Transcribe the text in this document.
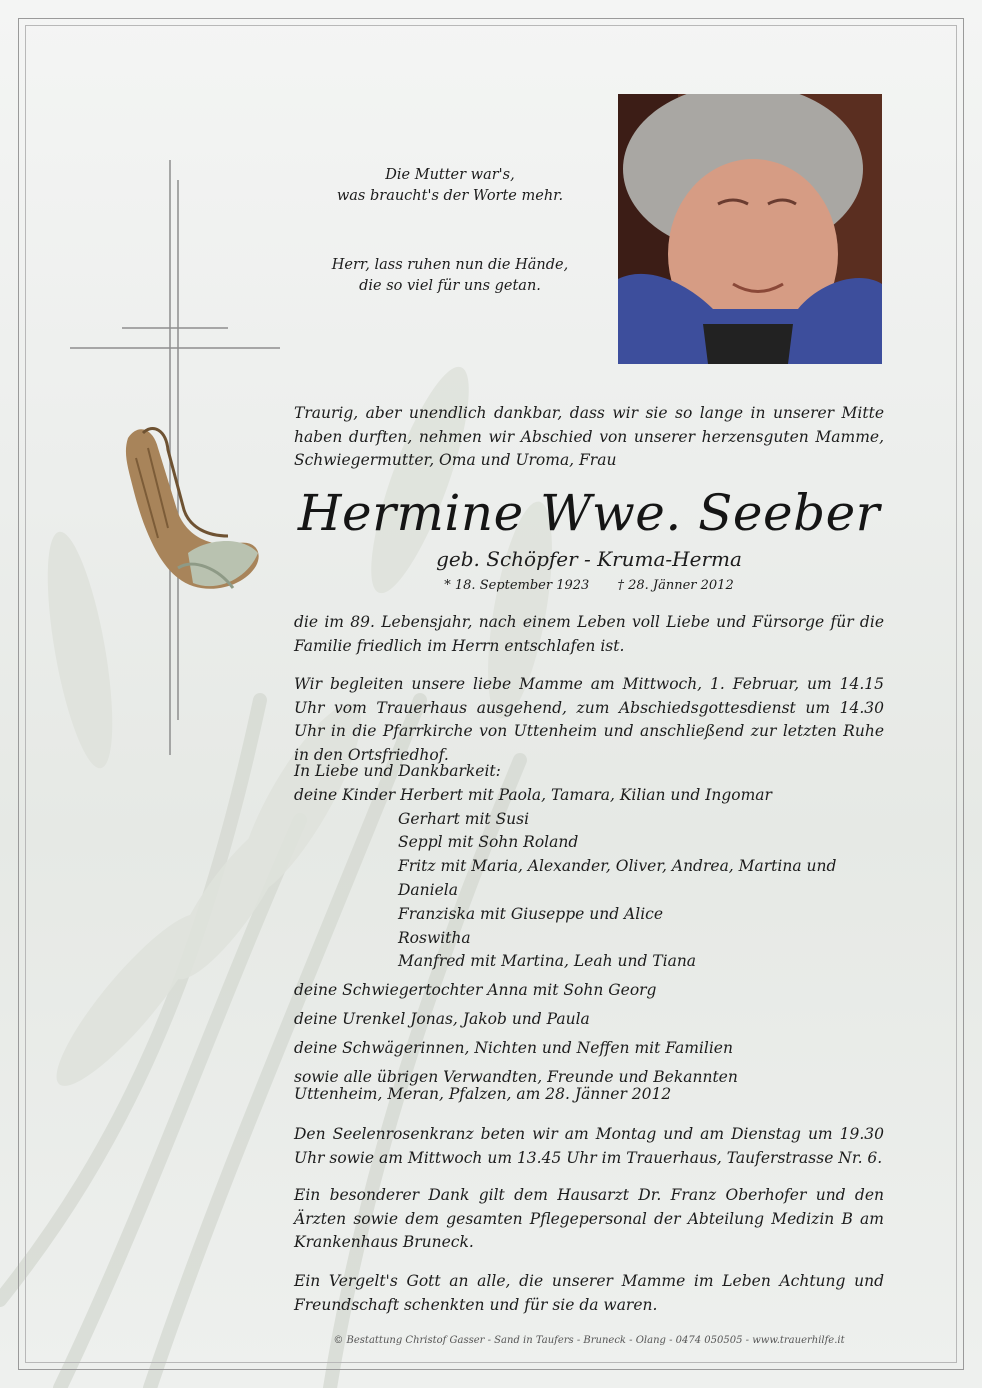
Die Mutter war's,
was braucht's der Worte mehr.
Herr, lass ruhen nun die Hände,
die so viel für uns getan.

Traurig, aber unendlich dankbar, dass wir sie so lange in unserer Mitte haben durften, nehmen wir Abschied von unserer herzensguten Mamme, Schwiegermutter, Oma und Uroma, Frau

Hermine Wwe. Seeber
geb. Schöpfer - Kruma-Herma
* 18. September 1923 † 28. Jänner 2012

die im 89. Lebensjahr, nach einem Leben voll Liebe und Fürsorge für die Familie friedlich im Herrn entschlafen ist.

Wir begleiten unsere liebe Mamme am Mittwoch, 1. Februar, um 14.15 Uhr vom Trauerhaus ausgehend, zum Abschiedsgottesdienst um 14.30 Uhr in die Pfarrkirche von Uttenheim und anschließend zur letzten Ruhe in den Ortsfriedhof.

In Liebe und Dankbarkeit:
deine Kinder Herbert mit Paola, Tamara, Kilian und Ingomar
Gerhart mit Susi
Seppl mit Sohn Roland
Fritz mit Maria, Alexander, Oliver, Andrea, Martina und Daniela
Franziska mit Giuseppe und Alice
Roswitha
Manfred mit Martina, Leah und Tiana
deine Schwiegertochter Anna mit Sohn Georg
deine Urenkel Jonas, Jakob und Paula
deine Schwägerinnen, Nichten und Neffen mit Familien
sowie alle übrigen Verwandten, Freunde und Bekannten

Uttenheim, Meran, Pfalzen, am 28. Jänner 2012

Den Seelenrosenkranz beten wir am Montag und am Dienstag um 19.30 Uhr sowie am Mittwoch um 13.45 Uhr im Trauerhaus, Tauferstrasse Nr. 6.

Ein besonderer Dank gilt dem Hausarzt Dr. Franz Oberhofer und den Ärzten sowie dem gesamten Pflegepersonal der Abteilung Medizin B am Krankenhaus Bruneck.

Ein Vergelt's Gott an alle, die unserer Mamme im Leben Achtung und Freundschaft schenkten und für sie da waren.

© Bestattung Christof Gasser - Sand in Taufers - Bruneck - Olang - 0474 050505 - www.trauerhilfe.it
